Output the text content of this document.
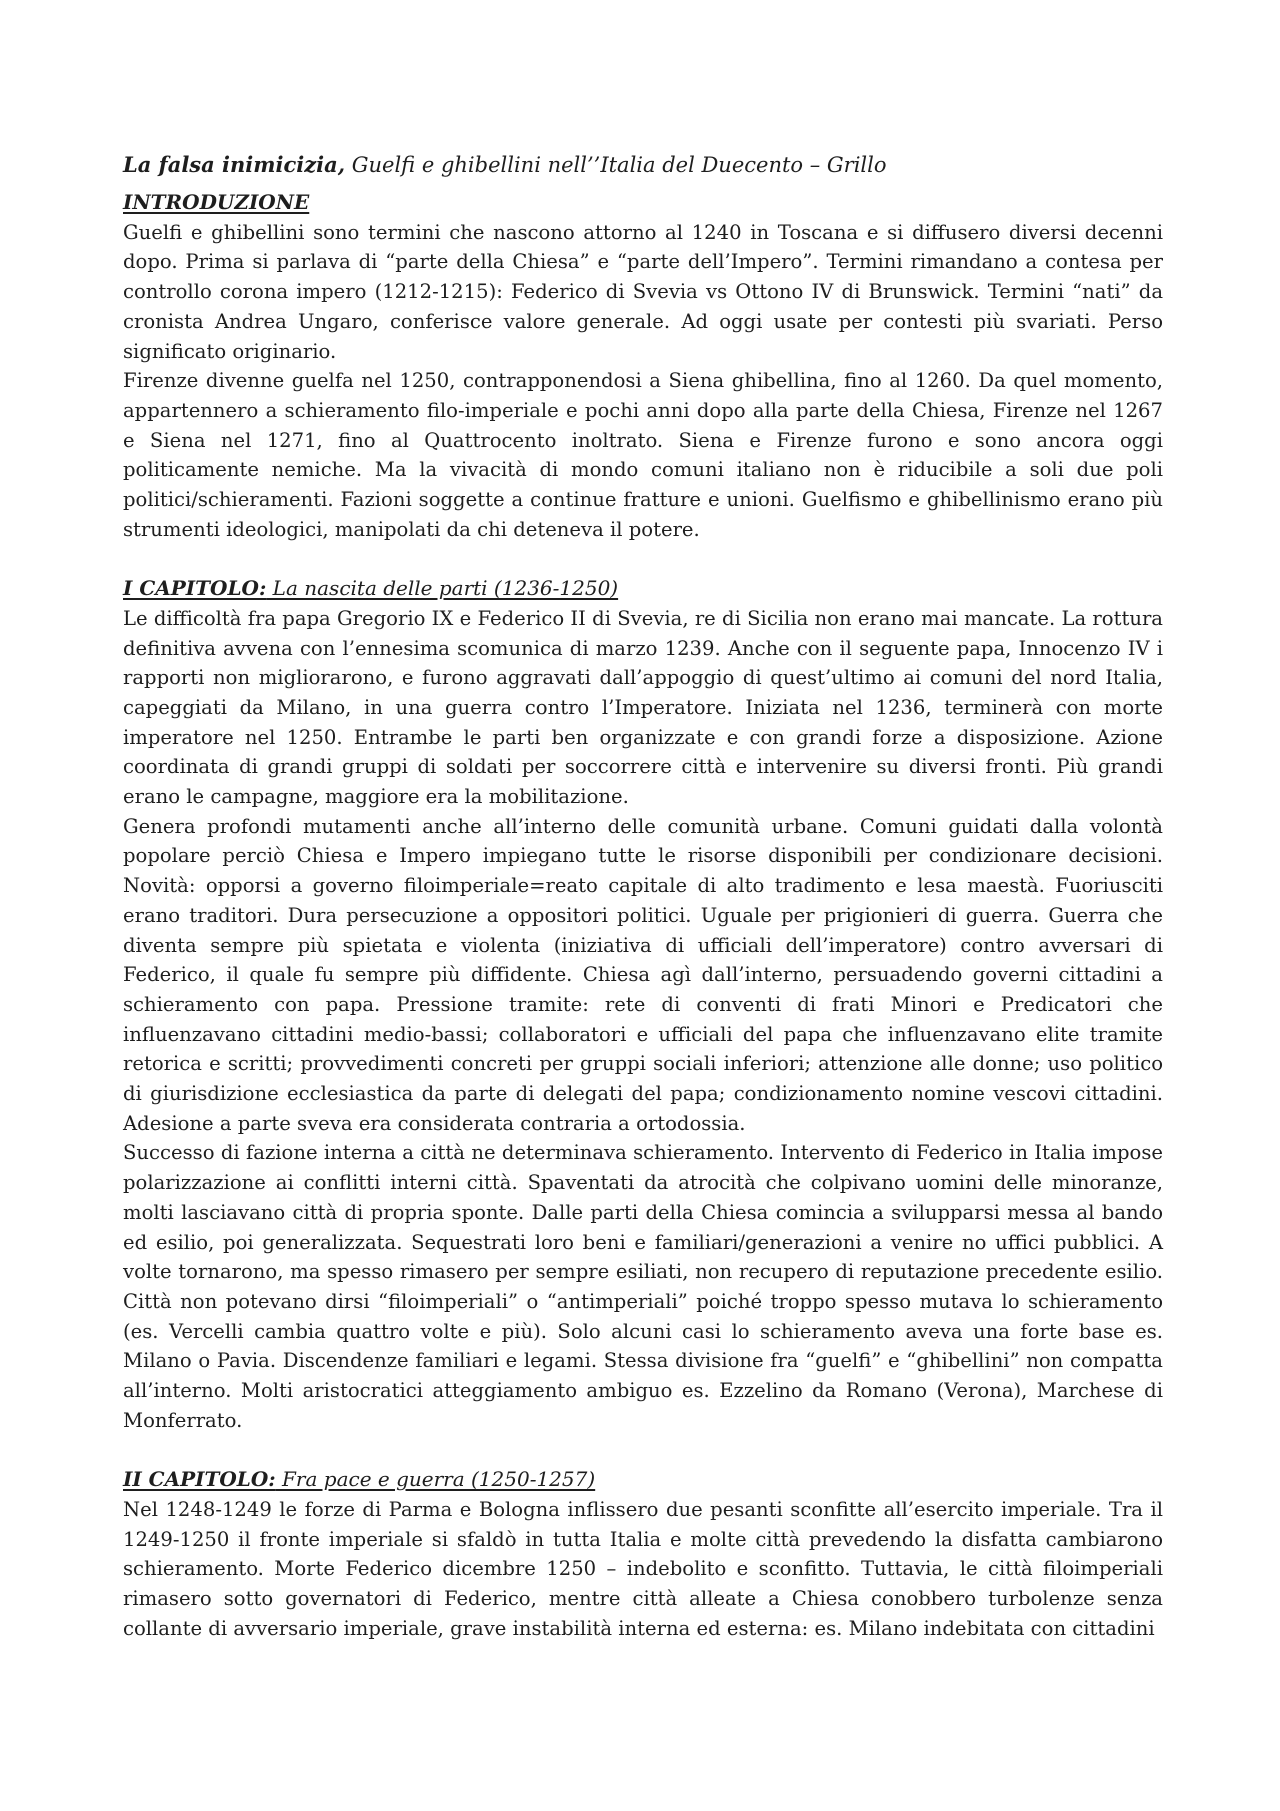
La falsa inimicizia, Guelfi e ghibellini nell’’Italia del Duecento – Grillo
INTRODUZIONE

Guelfi e ghibellini sono termini che nascono attorno al 1240 in Toscana e si diffusero diversi decenni dopo. Prima si parlava di “parte della Chiesa” e “parte dell’Impero”. Termini rimandano a contesa per controllo corona impero (1212-1215): Federico di Svevia vs Ottono IV di Brunswick. Termini “nati” da cronista Andrea Ungaro, conferisce valore generale. Ad oggi usate per contesti più svariati. Perso significato originario.

Firenze divenne guelfa nel 1250, contrapponendosi a Siena ghibellina, fino al 1260. Da quel momento, appartennero a schieramento filo-imperiale e pochi anni dopo alla parte della Chiesa, Firenze nel 1267 e Siena nel 1271, fino al Quattrocento inoltrato. Siena e Firenze furono e sono ancora oggi politicamente nemiche. Ma la vivacità di mondo comuni italiano non è riducibile a soli due poli politici/schieramenti. Fazioni soggette a continue fratture e unioni. Guelfismo e ghibellinismo erano più strumenti ideologici, manipolati da chi deteneva il potere.

I CAPITOLO: La nascita delle parti (1236-1250)

Le difficoltà fra papa Gregorio IX e Federico II di Svevia, re di Sicilia non erano mai mancate. La rottura definitiva avvena con l’ennesima scomunica di marzo 1239. Anche con il seguente papa, Innocenzo IV i rapporti non migliorarono, e furono aggravati dall’appoggio di quest’ultimo ai comuni del nord Italia, capeggiati da Milano, in una guerra contro l’Imperatore. Iniziata nel 1236, terminerà con morte imperatore nel 1250. Entrambe le parti ben organizzate e con grandi forze a disposizione. Azione coordinata di grandi gruppi di soldati per soccorrere città e intervenire su diversi fronti. Più grandi erano le campagne, maggiore era la mobilitazione.

Genera profondi mutamenti anche all’interno delle comunità urbane. Comuni guidati dalla volontà popolare perciò Chiesa e Impero impiegano tutte le risorse disponibili per condizionare decisioni. Novità: opporsi a governo filoimperiale=reato capitale di alto tradimento e lesa maestà. Fuoriusciti erano traditori. Dura persecuzione a oppositori politici. Uguale per prigionieri di guerra. Guerra che diventa sempre più spietata e violenta (iniziativa di ufficiali dell’imperatore) contro avversari di Federico, il quale fu sempre più diffidente. Chiesa agì dall’interno, persuadendo governi cittadini a schieramento con papa. Pressione tramite: rete di conventi di frati Minori e Predicatori che influenzavano cittadini medio-bassi; collaboratori e ufficiali del papa che influenzavano elite tramite retorica e scritti; provvedimenti concreti per gruppi sociali inferiori; attenzione alle donne; uso politico di giurisdizione ecclesiastica da parte di delegati del papa; condizionamento nomine vescovi cittadini. Adesione a parte sveva era considerata contraria a ortodossia.

Successo di fazione interna a città ne determinava schieramento. Intervento di Federico in Italia impose polarizzazione ai conflitti interni città. Spaventati da atrocità che colpivano uomini delle minoranze, molti lasciavano città di propria sponte. Dalle parti della Chiesa comincia a svilupparsi messa al bando ed esilio, poi generalizzata. Sequestrati loro beni e familiari/generazioni a venire no uffici pubblici. A volte tornarono, ma spesso rimasero per sempre esiliati, non recupero di reputazione precedente esilio. Città non potevano dirsi “filoimperiali” o “antimperiali” poiché troppo spesso mutava lo schieramento (es. Vercelli cambia quattro volte e più). Solo alcuni casi lo schieramento aveva una forte base es. Milano o Pavia. Discendenze familiari e legami. Stessa divisione fra “guelfi” e “ghibellini” non compatta all’interno. Molti aristocratici atteggiamento ambiguo es. Ezzelino da Romano (Verona), Marchese di Monferrato.

II CAPITOLO: Fra pace e guerra (1250-1257)

Nel 1248-1249 le forze di Parma e Bologna inflissero due pesanti sconfitte all’esercito imperiale. Tra il 1249-1250 il fronte imperiale si sfaldò in tutta Italia e molte città prevedendo la disfatta cambiarono schieramento. Morte Federico dicembre 1250 – indebolito e sconfitto. Tuttavia, le città filoimperiali rimasero sotto governatori di Federico, mentre città alleate a Chiesa conobbero turbolenze senza collante di avversario imperiale, grave instabilità interna ed esterna: es. Milano indebitata con cittadini
